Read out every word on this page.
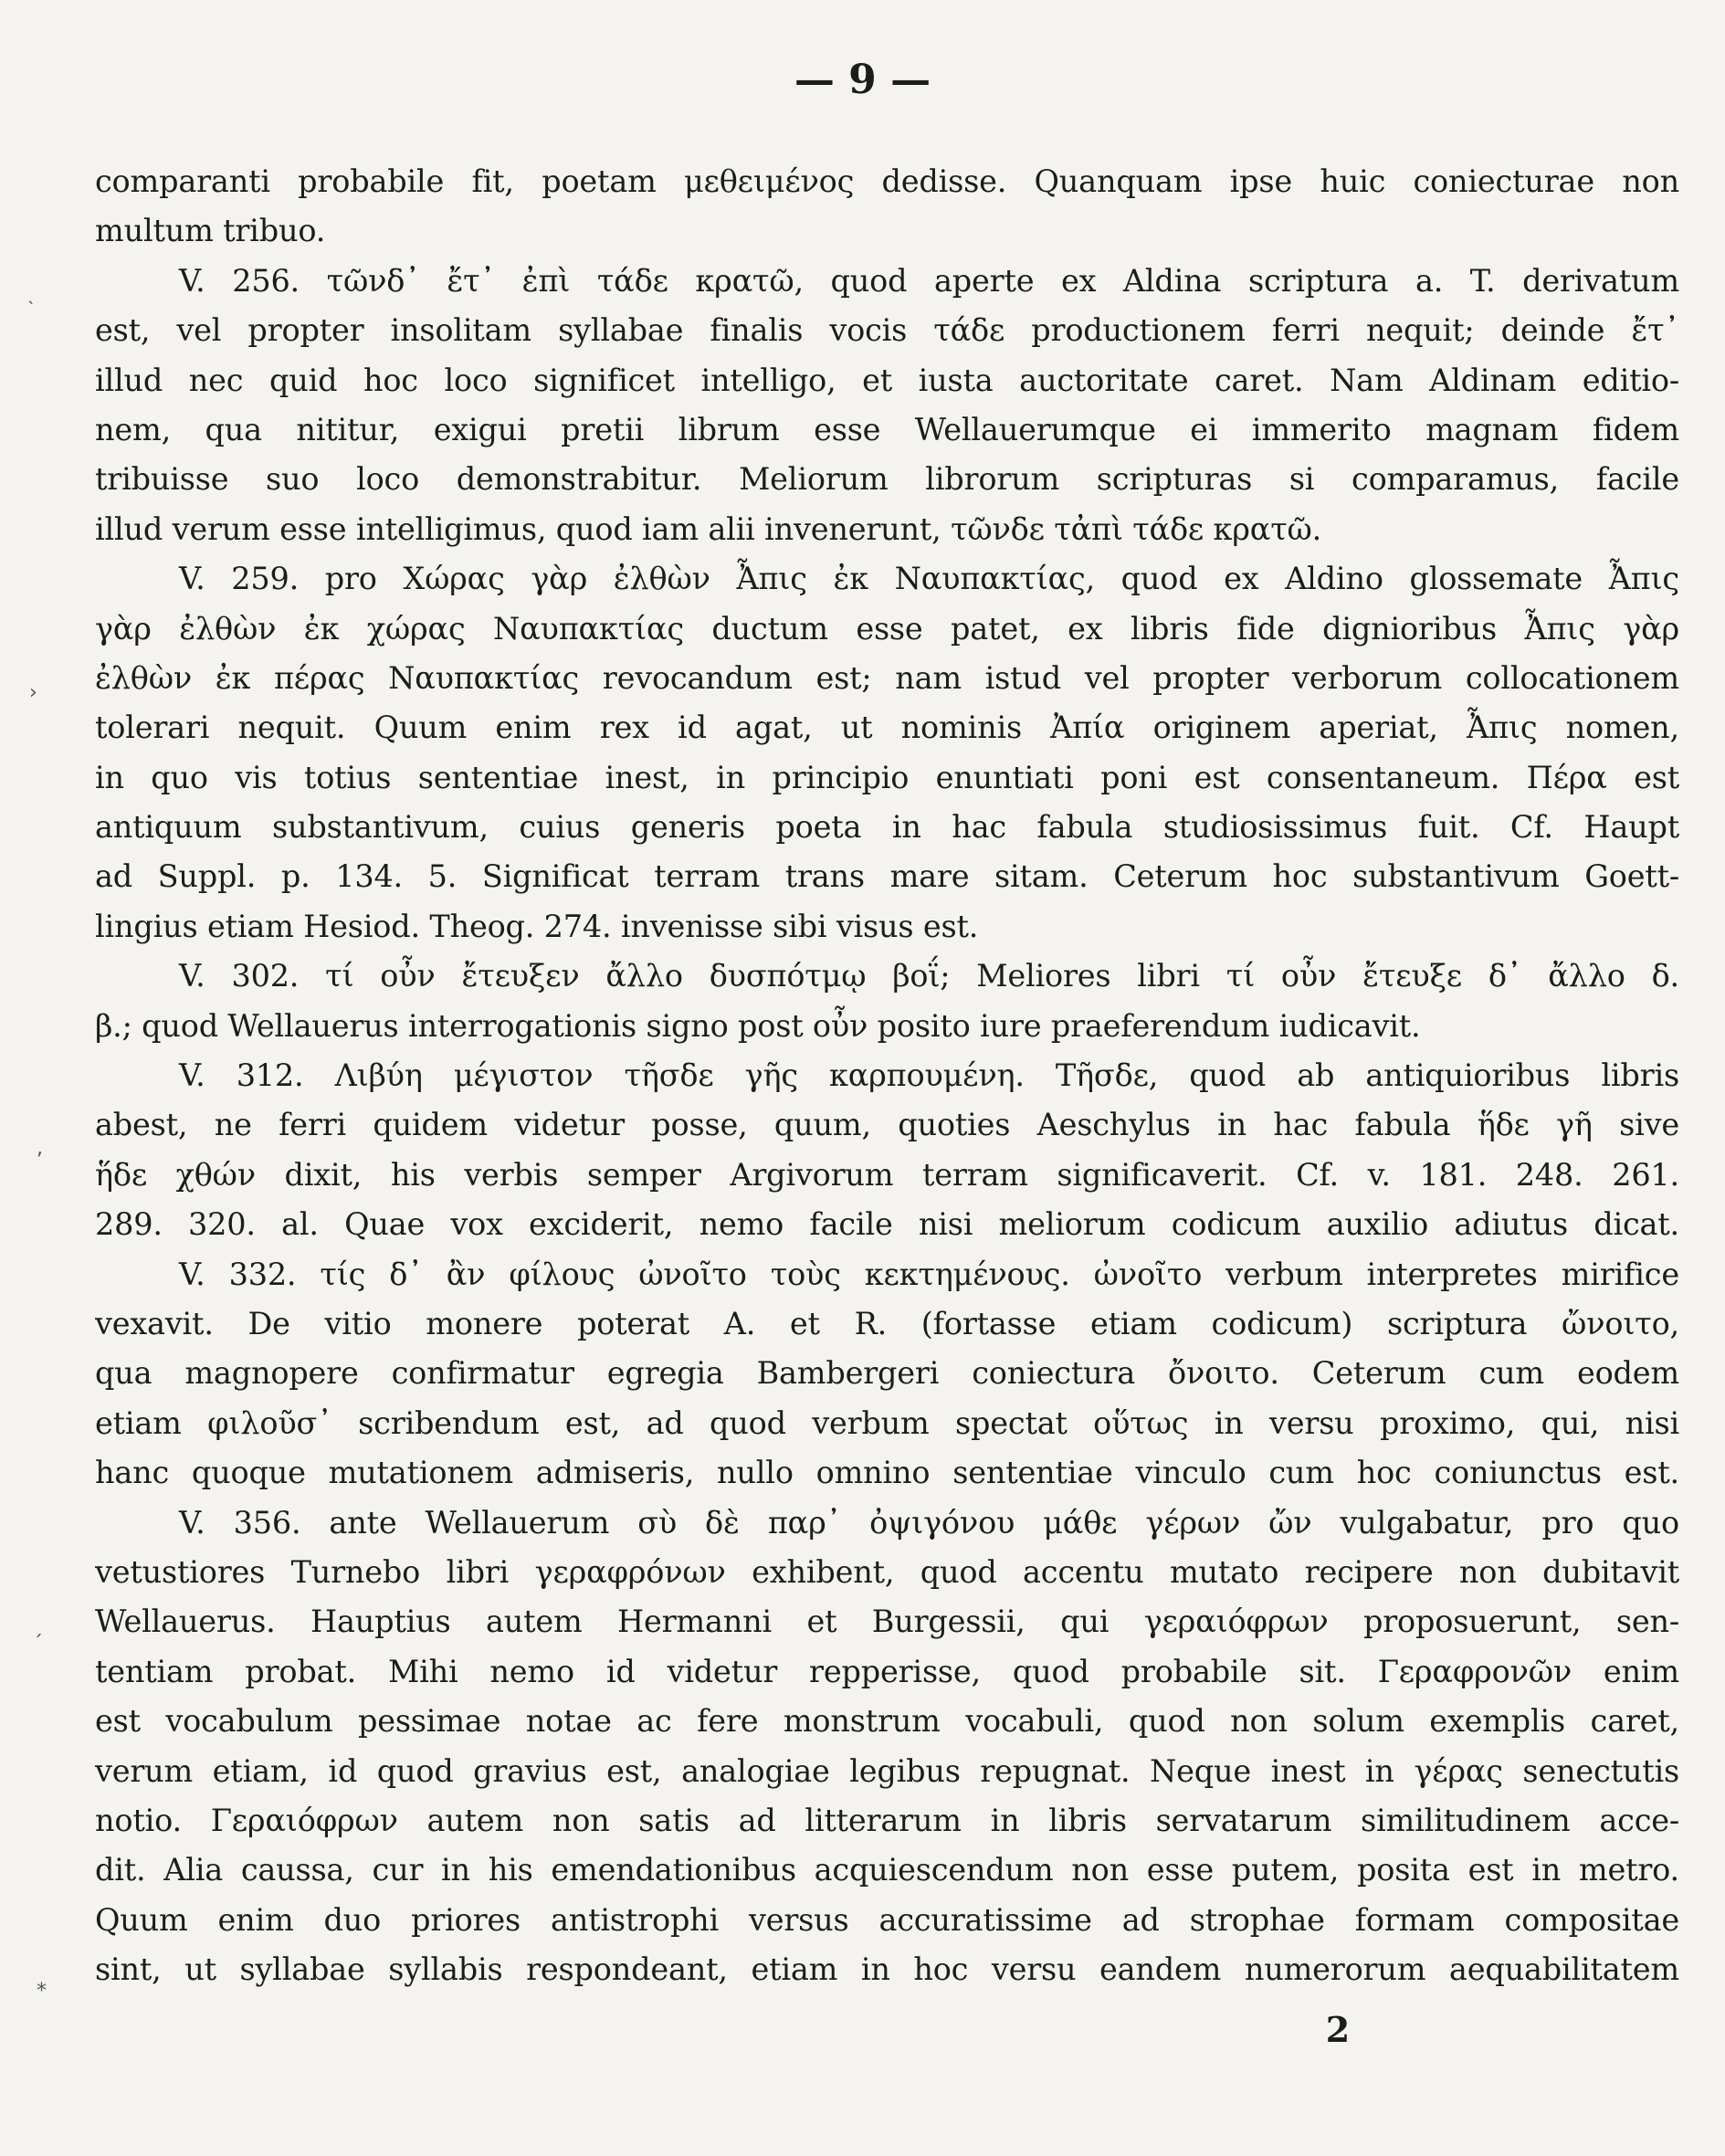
— 9 —
˴
›
,
´
*
comparanti probabile fit, poetam μεθειμένος dedisse. Quanquam ipse huic coniecturae non
multum tribuo.
V. 256. τῶνδ᾽ ἔτ᾽ ἐπὶ τάδε κρατῶ, quod aperte ex Aldina scriptura a. T. derivatum
est, vel propter insolitam syllabae finalis vocis τάδε productionem ferri nequit; deinde ἔτ᾽
illud nec quid hoc loco significet intelligo, et iusta auctoritate caret. Nam Aldinam editio-
nem, qua nititur, exigui pretii librum esse Wellauerumque ei immerito magnam fidem
tribuisse suo loco demonstrabitur. Meliorum librorum scripturas si comparamus, facile
illud verum esse intelligimus, quod iam alii invenerunt, τῶνδε τἀπὶ τάδε κρατῶ.
V. 259. pro Χώρας γὰρ ἐλθὼν Ἆπις ἐκ Ναυπακτίας, quod ex Aldino glossemate Ἆπις
γὰρ ἐλθὼν ἐκ χώρας Ναυπακτίας ductum esse patet, ex libris fide dignioribus Ἆπις γὰρ
ἐλθὼν ἐκ πέρας Ναυπακτίας revocandum est; nam istud vel propter verborum collocationem
tolerari nequit. Quum enim rex id agat, ut nominis Ἀπία originem aperiat, Ἆπις nomen,
in quo vis totius sententiae inest, in principio enuntiati poni est consentaneum. Πέρα est
antiquum substantivum, cuius generis poeta in hac fabula studiosissimus fuit. Cf. Haupt
ad Suppl. p. 134. 5. Significat terram trans mare sitam. Ceterum hoc substantivum Goett-
lingius etiam Hesiod. Theog. 274. invenisse sibi visus est.
V. 302. τί οὖν ἔτευξεν ἄλλο δυσπότμῳ βοΐ; Meliores libri τί οὖν ἔτευξε δ᾽ ἄλλο δ.
β.; quod Wellauerus interrogationis signo post οὖν posito iure praeferendum iudicavit.
V. 312. Λιβύη μέγιστον τῆσδε γῆς καρπουμένη. Τῆσδε, quod ab antiquioribus libris
abest, ne ferri quidem videtur posse, quum, quoties Aeschylus in hac fabula ἥδε γῆ sive
ἥδε χθών dixit, his verbis semper Argivorum terram significaverit. Cf. v. 181. 248. 261.
289. 320. al. Quae vox exciderit, nemo facile nisi meliorum codicum auxilio adiutus dicat.
V. 332. τίς δ᾽ ἂν φίλους ὠνοῖτο τοὺς κεκτημένους. ὠνοῖτο verbum interpretes mirifice
vexavit. De vitio monere poterat A. et R. (fortasse etiam codicum) scriptura ὤνοιτο,
qua magnopere confirmatur egregia Bambergeri coniectura ὄνοιτο. Ceterum cum eodem
etiam φιλοῦσ᾽ scribendum est, ad quod verbum spectat οὕτως in versu proximo, qui, nisi
hanc quoque mutationem admiseris, nullo omnino sententiae vinculo cum hoc coniunctus est.
V. 356. ante Wellauerum σὺ δὲ παρ᾽ ὀψιγόνου μάθε γέρων ὤν vulgabatur, pro quo
vetustiores Turnebo libri γεραφρόνων exhibent, quod accentu mutato recipere non dubitavit
Wellauerus. Hauptius autem Hermanni et Burgessii, qui γεραιόφρων proposuerunt, sen-
tentiam probat. Mihi nemo id videtur repperisse, quod probabile sit. Γεραφρονῶν enim
est vocabulum pessimae notae ac fere monstrum vocabuli, quod non solum exemplis caret,
verum etiam, id quod gravius est, analogiae legibus repugnat. Neque inest in γέρας senectutis
notio. Γεραιόφρων autem non satis ad litterarum in libris servatarum similitudinem acce-
dit. Alia caussa, cur in his emendationibus acquiescendum non esse putem, posita est in metro.
Quum enim duo priores antistrophi versus accuratissime ad strophae formam compositae
sint, ut syllabae syllabis respondeant, etiam in hoc versu eandem numerorum aequabilitatem
2
